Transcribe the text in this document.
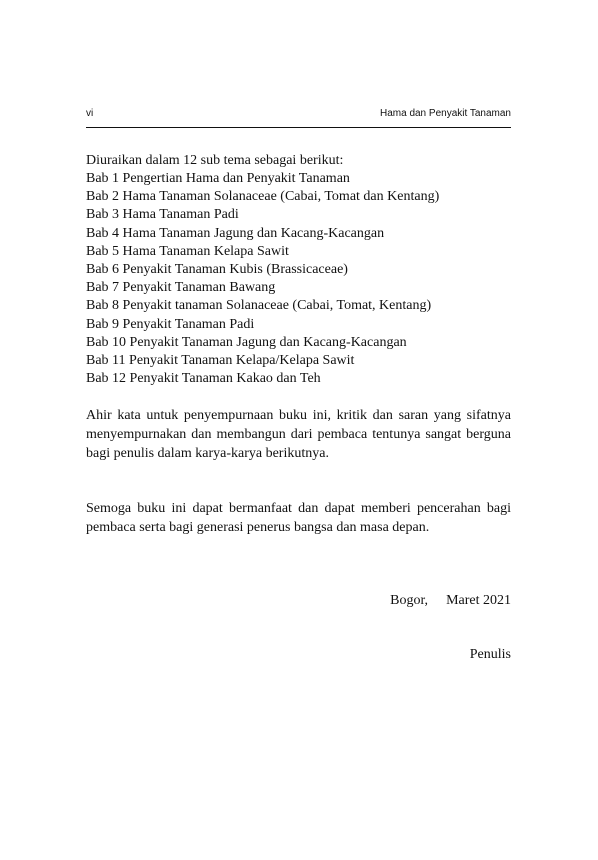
vi	Hama dan Penyakit Tanaman
Diuraikan dalam 12 sub tema sebagai berikut:
Bab 1 Pengertian Hama dan Penyakit Tanaman
Bab 2 Hama Tanaman Solanaceae (Cabai, Tomat dan Kentang)
Bab 3 Hama Tanaman Padi
Bab 4 Hama Tanaman Jagung dan Kacang-Kacangan
Bab 5 Hama Tanaman Kelapa Sawit
Bab 6 Penyakit Tanaman Kubis (Brassicaceae)
Bab 7 Penyakit Tanaman Bawang
Bab 8 Penyakit tanaman Solanaceae (Cabai, Tomat, Kentang)
Bab 9 Penyakit Tanaman Padi
Bab 10 Penyakit Tanaman Jagung dan Kacang-Kacangan
Bab 11 Penyakit Tanaman Kelapa/Kelapa Sawit
Bab 12 Penyakit Tanaman Kakao dan Teh

Ahir kata untuk penyempurnaan buku ini, kritik dan saran yang sifatnya menyempurnakan dan membangun dari pembaca tentunya sangat berguna bagi penulis dalam karya-karya berikutnya.

Semoga buku ini dapat bermanfaat dan dapat memberi pencerahan bagi pembaca serta bagi generasi penerus bangsa dan masa depan.

Bogor, Maret 2021
Penulis
